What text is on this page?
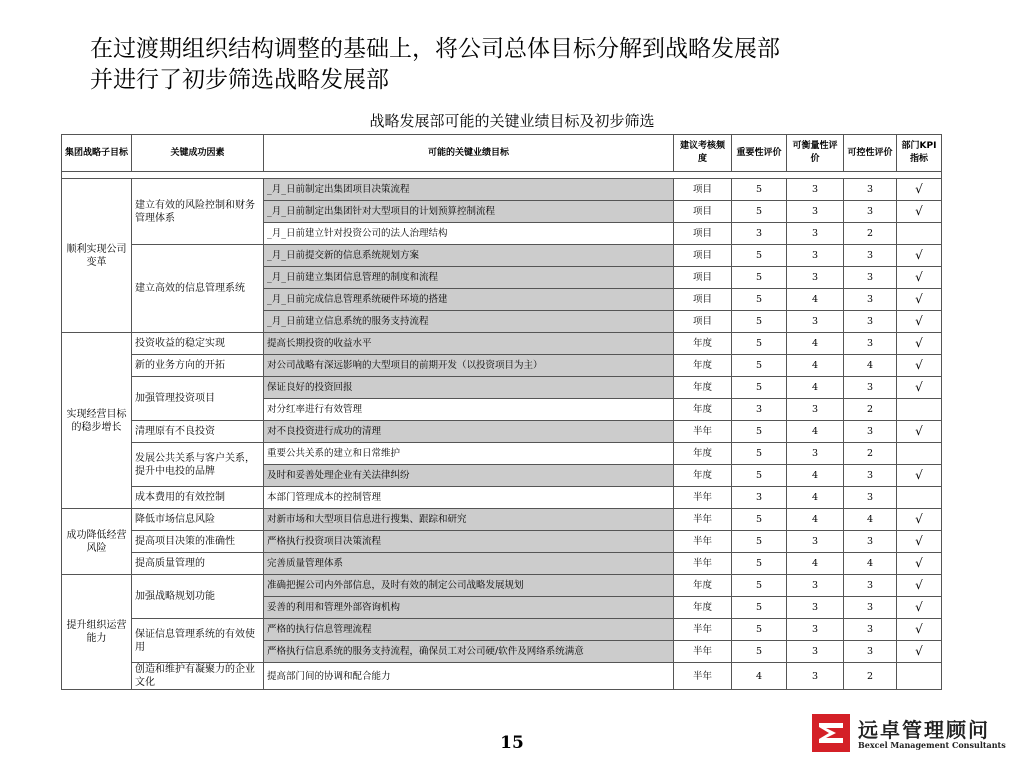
在过渡期组织结构调整的基础上，将公司总体目标分解到战略发展部
并进行了初步筛选战略发展部
战略发展部可能的关键业绩目标及初步筛选
集团战略子目标	关键成功因素	可能的关键业绩目标	建议考核频度	重要性评价	可衡量性评价	可控性评价	部门KPI指标

顺利实现公司变革	建立有效的风险控制和财务管理体系	_月_日前制定出集团项目决策流程	项目	5	3	3	√
		_月_日前制定出集团针对大型项目的计划预算控制流程	项目	5	3	3	√
		_月_日前建立针对投资公司的法人治理结构	项目	3	3	2	
	建立高效的信息管理系统	_月_日前提交新的信息系统规划方案	项目	5	3	3	√
		_月_日前建立集团信息管理的制度和流程	项目	5	3	3	√
		_月_日前完成信息管理系统硬件环境的搭建	项目	5	4	3	√
		_月_日前建立信息系统的服务支持流程	项目	5	3	3	√
实现经营目标的稳步增长	投资收益的稳定实现	提高长期投资的收益水平	年度	5	4	3	√
	新的业务方向的开拓	对公司战略有深远影响的大型项目的前期开发（以投资项目为主）	年度	5	4	4	√
	加强管理投资项目	保证良好的投资回报	年度	5	4	3	√
		对分红率进行有效管理	年度	3	3	2	
	清理原有不良投资	对不良投资进行成功的清理	半年	5	4	3	√
	发展公共关系与客户关系，提升中电投的品牌	重要公共关系的建立和日常维护	年度	5	3	2	
		及时和妥善处理企业有关法律纠纷	年度	5	4	3	√
	成本费用的有效控制	本部门管理成本的控制管理	半年	3	4	3	
成功降低经营风险	降低市场信息风险	对新市场和大型项目信息进行搜集、跟踪和研究	半年	5	4	4	√
	提高项目决策的准确性	严格执行投资项目决策流程	半年	5	3	3	√
	提高质量管理的	完善质量管理体系	半年	5	4	4	√
提升组织运营能力	加强战略规划功能	准确把握公司内外部信息，及时有效的制定公司战略发展规划	年度	5	3	3	√
		妥善的利用和管理外部咨询机构	年度	5	3	3	√
	保证信息管理系统的有效使用	严格的执行信息管理流程	半年	5	3	3	√
		严格执行信息系统的服务支持流程，确保员工对公司硬/软件及网络系统满意	半年	5	3	3	√
	创造和维护有凝聚力的企业文化	提高部门间的协调和配合能力	半年	4	3	2	
15
远卓管理顾问
Bexcel Management Consultants
